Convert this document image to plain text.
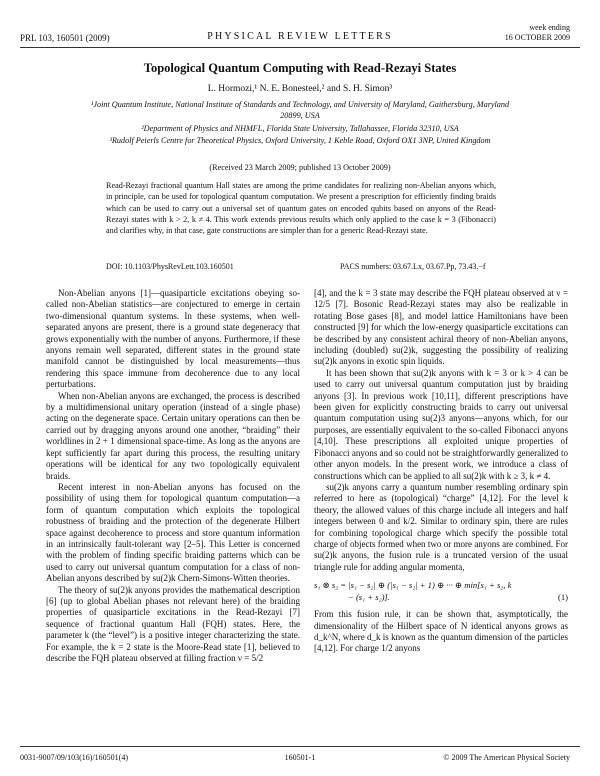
PRL 103, 160501 (2009)	PHYSICAL REVIEW LETTERS
week ending
16 OCTOBER 2009
Topological Quantum Computing with Read-Rezayi States
L. Hormozi,¹ N. E. Bonesteel,² and S. H. Simon³
¹Joint Quantum Institute, National Institute of Standards and Technology, and University of Maryland, Gaithersburg, Maryland 20899, USA
²Department of Physics and NHMFL, Florida State University, Tallahassee, Florida 32310, USA
³Rudolf Peierls Centre for Theoretical Physics, Oxford University, 1 Keble Road, Oxford OX1 3NP, United Kingdom
(Received 23 March 2009; published 13 October 2009)
Read-Rezayi fractional quantum Hall states are among the prime candidates for realizing non-Abelian anyons which, in principle, can be used for topological quantum computation. We present a prescription for efficiently finding braids which can be used to carry out a universal set of quantum gates on encoded qubits based on anyons of the Read-Rezayi states with k > 2, k ≠ 4. This work extends previous results which only applied to the case k = 3 (Fibonacci) and clarifies why, in that case, gate constructions are simpler than for a generic Read-Rezayi state.
DOI: 10.1103/PhysRevLett.103.160501	PACS numbers: 03.67.Lx, 03.67.Pp, 73.43.−f

Non-Abelian anyons [1]—quasiparticle excitations obeying so-called non-Abelian statistics—are conjectured to emerge in certain two-dimensional quantum systems. In these systems, when well-separated anyons are present, there is a ground state degeneracy that grows exponentially with the number of anyons. Furthermore, if these anyons remain well separated, different states in the ground state manifold cannot be distinguished by local measurements—thus rendering this space immune from decoherence due to any local perturbations.

When non-Abelian anyons are exchanged, the process is described by a multidimensional unitary operation (instead of a single phase) acting on the degenerate space. Certain unitary operations can then be carried out by dragging anyons around one another, “braiding” their worldlines in 2 + 1 dimensional space-time. As long as the anyons are kept sufficiently far apart during this process, the resulting unitary operations will be identical for any two topologically equivalent braids.

Recent interest in non-Abelian anyons has focused on the possibility of using them for topological quantum computation—a form of quantum computation which exploits the topological robustness of braiding and the protection of the degenerate Hilbert space against decoherence to process and store quantum information in an intrinsically fault-tolerant way [2–5]. This Letter is concerned with the problem of finding specific braiding patterns which can be used to carry out universal quantum computation for a class of non-Abelian anyons described by su(2)k Chern-Simons-Witten theories.

The theory of su(2)k anyons provides the mathematical description [6] (up to global Abelian phases not relevant here) of the braiding properties of quasiparticle excitations in the Read-Rezayi [7] sequence of fractional quantum Hall (FQH) states. Here, the parameter k (the “level”) is a positive integer characterizing the state. For example, the k = 2 state is the Moore-Read state [1], believed to describe the FQH plateau observed at filling fraction ν = 5/2

[4], and the k = 3 state may describe the FQH plateau observed at ν = 12/5 [7]. Bosonic Read-Rezayi states may also be realizable in rotating Bose gases [8], and model lattice Hamiltonians have been constructed [9] for which the low-energy quasiparticle excitations can be described by any consistent achiral theory of non-Abelian anyons, including (doubled) su(2)k, suggesting the possibility of realizing su(2)k anyons in exotic spin liquids.

It has been shown that su(2)k anyons with k = 3 or k > 4 can be used to carry out universal quantum computation just by braiding anyons [3]. In previous work [10,11], different prescriptions have been given for explicitly constructing braids to carry out universal quantum computation using su(2)3 anyons—anyons which, for our purposes, are essentially equivalent to the so-called Fibonacci anyons [4,10]. These prescriptions all exploited unique properties of Fibonacci anyons and so could not be straightforwardly generalized to other anyon models. In the present work, we introduce a class of constructions which can be applied to all su(2)k with k ≥ 3, k ≠ 4.

su(2)k anyons carry a quantum number resembling ordinary spin referred to here as (topological) “charge” [4,12]. For the level k theory, the allowed values of this charge include all integers and half integers between 0 and k/2. Similar to ordinary spin, there are rules for combining topological charge which specify the possible total charge of objects formed when two or more anyons are combined. For su(2)k anyons, the fusion rule is a truncated version of the usual triangle rule for adding angular momenta,

s₁ ⊗ s₂ = |s₁ − s₂| ⊕ (|s₁ − s₂| + 1) ⊕ ··· ⊕ min[s₁ + s₂, k
− (s₁ + s₂)].	(1)

From this fusion rule, it can be shown that, asymptotically, the dimensionality of the Hilbert space of N identical anyons grows as d_k^N, where d_k is known as the quantum dimension of the particles [4,12]. For charge 1/2 anyons

0031-9007/09/103(16)/160501(4)	160501-1	© 2009 The American Physical Society
